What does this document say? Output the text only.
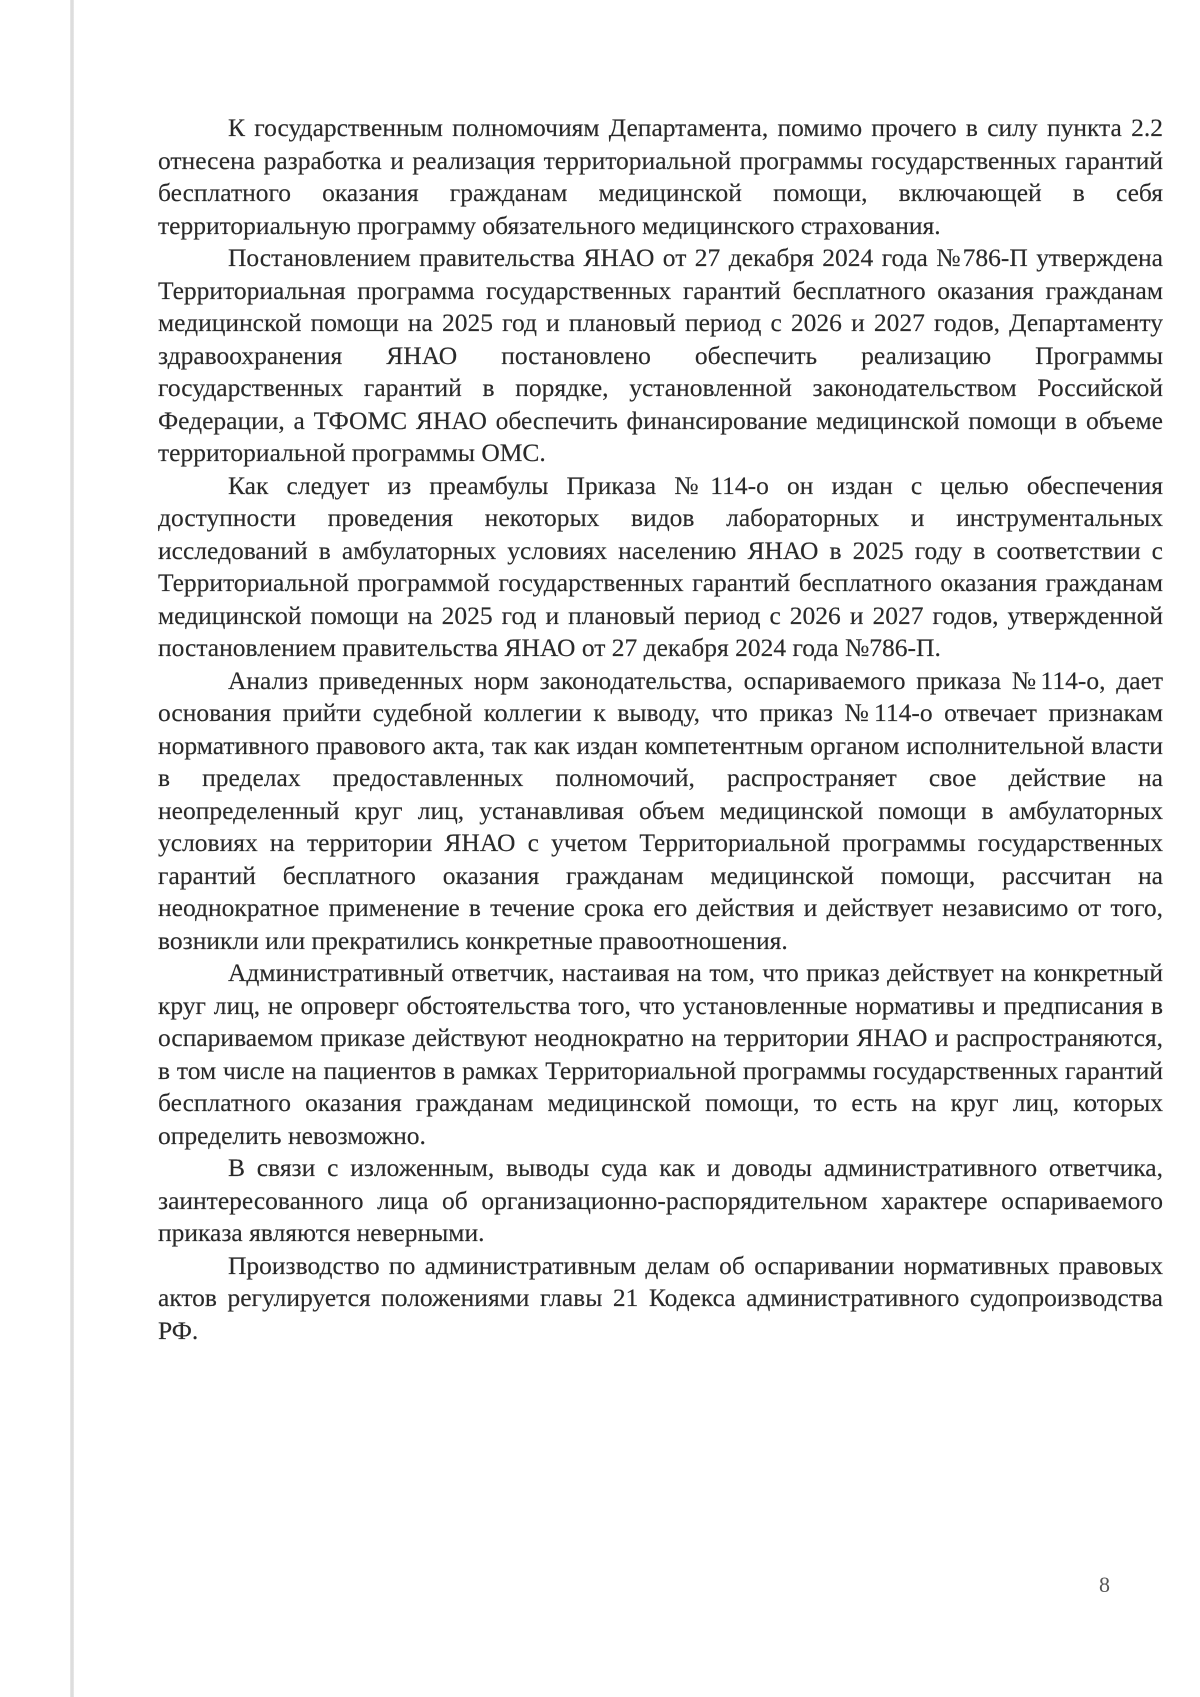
К государственным полномочиям Департамента, помимо прочего в силу пункта 2.2 отнесена разработка и реализация территориальной программы государственных гарантий бесплатного оказания гражданам медицинской помощи, включающей в себя территориальную программу обязательного медицинского страхования.

Постановлением правительства ЯНАО от 27 декабря 2024 года №786-П утверждена Территориальная программа государственных гарантий бесплатного оказания гражданам медицинской помощи на 2025 год и плановый период с 2026 и 2027 годов, Департаменту здравоохранения ЯНАО постановлено обеспечить реализацию Программы государственных гарантий в порядке, установленной законодательством Российской Федерации, а ТФОМС ЯНАО обеспечить финансирование медицинской помощи в объеме территориальной программы ОМС.

Как следует из преамбулы Приказа №114-о он издан с целью обеспечения доступности проведения некоторых видов лабораторных и инструментальных исследований в амбулаторных условиях населению ЯНАО в 2025 году в соответствии с Территориальной программой государственных гарантий бесплатного оказания гражданам медицинской помощи на 2025 год и плановый период с 2026 и 2027 годов, утвержденной постановлением правительства ЯНАО от 27 декабря 2024 года №786-П.

Анализ приведенных норм законодательства, оспариваемого приказа №114-о, дает основания прийти судебной коллегии к выводу, что приказ №114-о отвечает признакам нормативного правового акта, так как издан компетентным органом исполнительной власти в пределах предоставленных полномочий, распространяет свое действие на неопределенный круг лиц, устанавливая объем медицинской помощи в амбулаторных условиях на территории ЯНАО с учетом Территориальной программы государственных гарантий бесплатного оказания гражданам медицинской помощи, рассчитан на неоднократное применение в течение срока его действия и действует независимо от того, возникли или прекратились конкретные правоотношения.

Административный ответчик, настаивая на том, что приказ действует на конкретный круг лиц, не опроверг обстоятельства того, что установленные нормативы и предписания в оспариваемом приказе действуют неоднократно на территории ЯНАО и распространяются, в том числе на пациентов в рамках Территориальной программы государственных гарантий бесплатного оказания гражданам медицинской помощи, то есть на круг лиц, которых определить невозможно.

В связи с изложенным, выводы суда как и доводы административного ответчика, заинтересованного лица об организационно-распорядительном характере оспариваемого приказа являются неверными.

Производство по административным делам об оспаривании нормативных правовых актов регулируется положениями главы 21 Кодекса административного судопроизводства РФ.

8
